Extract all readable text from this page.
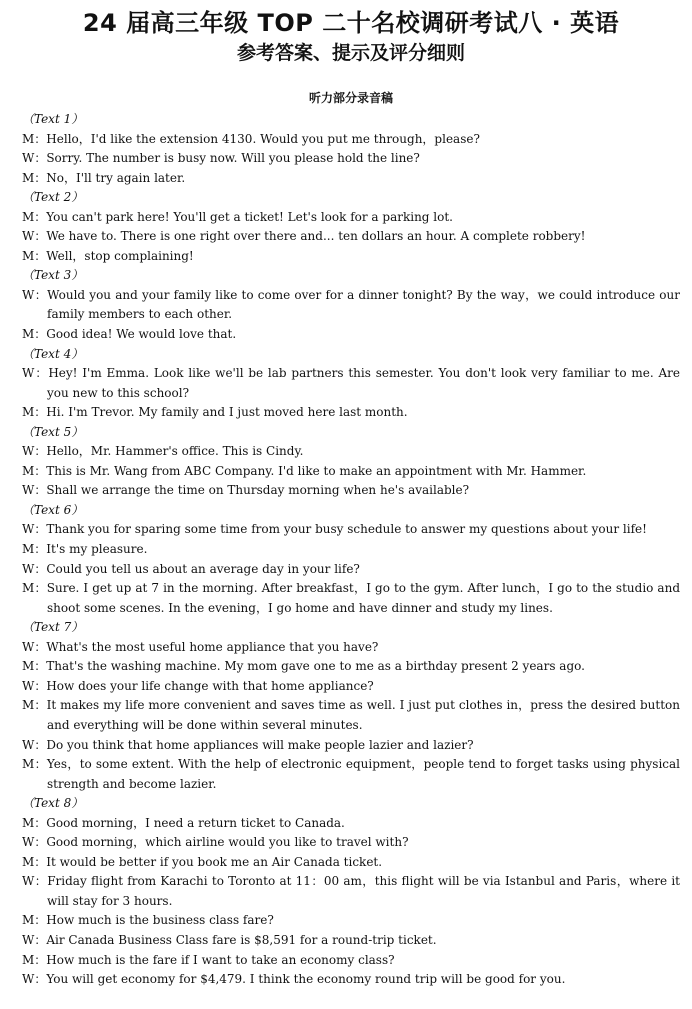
24 届高三年级 TOP 二十名校调研考试八 · 英语
参考答案、提示及评分细则
听力部分录音稿
（Text 1）
M：Hello，I'd like the extension 4130. Would you put me through，please?
W：Sorry. The number is busy now. Will you please hold the line?
M：No，I'll try again later.
（Text 2）
M：You can't park here! You'll get a ticket! Let's look for a parking lot.
W：We have to. There is one right over there and... ten dollars an hour. A complete robbery!
M：Well，stop complaining!
（Text 3）
W：Would you and your family like to come over for a dinner tonight? By the way，we could introduce our family members to each other.
M：Good idea! We would love that.
（Text 4）
W：Hey! I'm Emma. Look like we'll be lab partners this semester. You don't look very familiar to me. Are you new to this school?
M：Hi. I'm Trevor. My family and I just moved here last month.
（Text 5）
W：Hello，Mr. Hammer's office. This is Cindy.
M：This is Mr. Wang from ABC Company. I'd like to make an appointment with Mr. Hammer.
W：Shall we arrange the time on Thursday morning when he's available?
（Text 6）
W：Thank you for sparing some time from your busy schedule to answer my questions about your life!
M：It's my pleasure.
W：Could you tell us about an average day in your life?
M：Sure. I get up at 7 in the morning. After breakfast，I go to the gym. After lunch，I go to the studio and shoot some scenes. In the evening，I go home and have dinner and study my lines.
（Text 7）
W：What's the most useful home appliance that you have?
M：That's the washing machine. My mom gave one to me as a birthday present 2 years ago.
W：How does your life change with that home appliance?
M：It makes my life more convenient and saves time as well. I just put clothes in，press the desired button and everything will be done within several minutes.
W：Do you think that home appliances will make people lazier and lazier?
M：Yes，to some extent. With the help of electronic equipment，people tend to forget tasks using physical strength and become lazier.
（Text 8）
M：Good morning，I need a return ticket to Canada.
W：Good morning，which airline would you like to travel with?
M：It would be better if you book me an Air Canada ticket.
W：Friday flight from Karachi to Toronto at 11：00 am，this flight will be via Istanbul and Paris，where it will stay for 3 hours.
M：How much is the business class fare?
W：Air Canada Business Class fare is $8,591 for a round-trip ticket.
M：How much is the fare if I want to take an economy class?
W：You will get economy for $4,479. I think the economy round trip will be good for you.
